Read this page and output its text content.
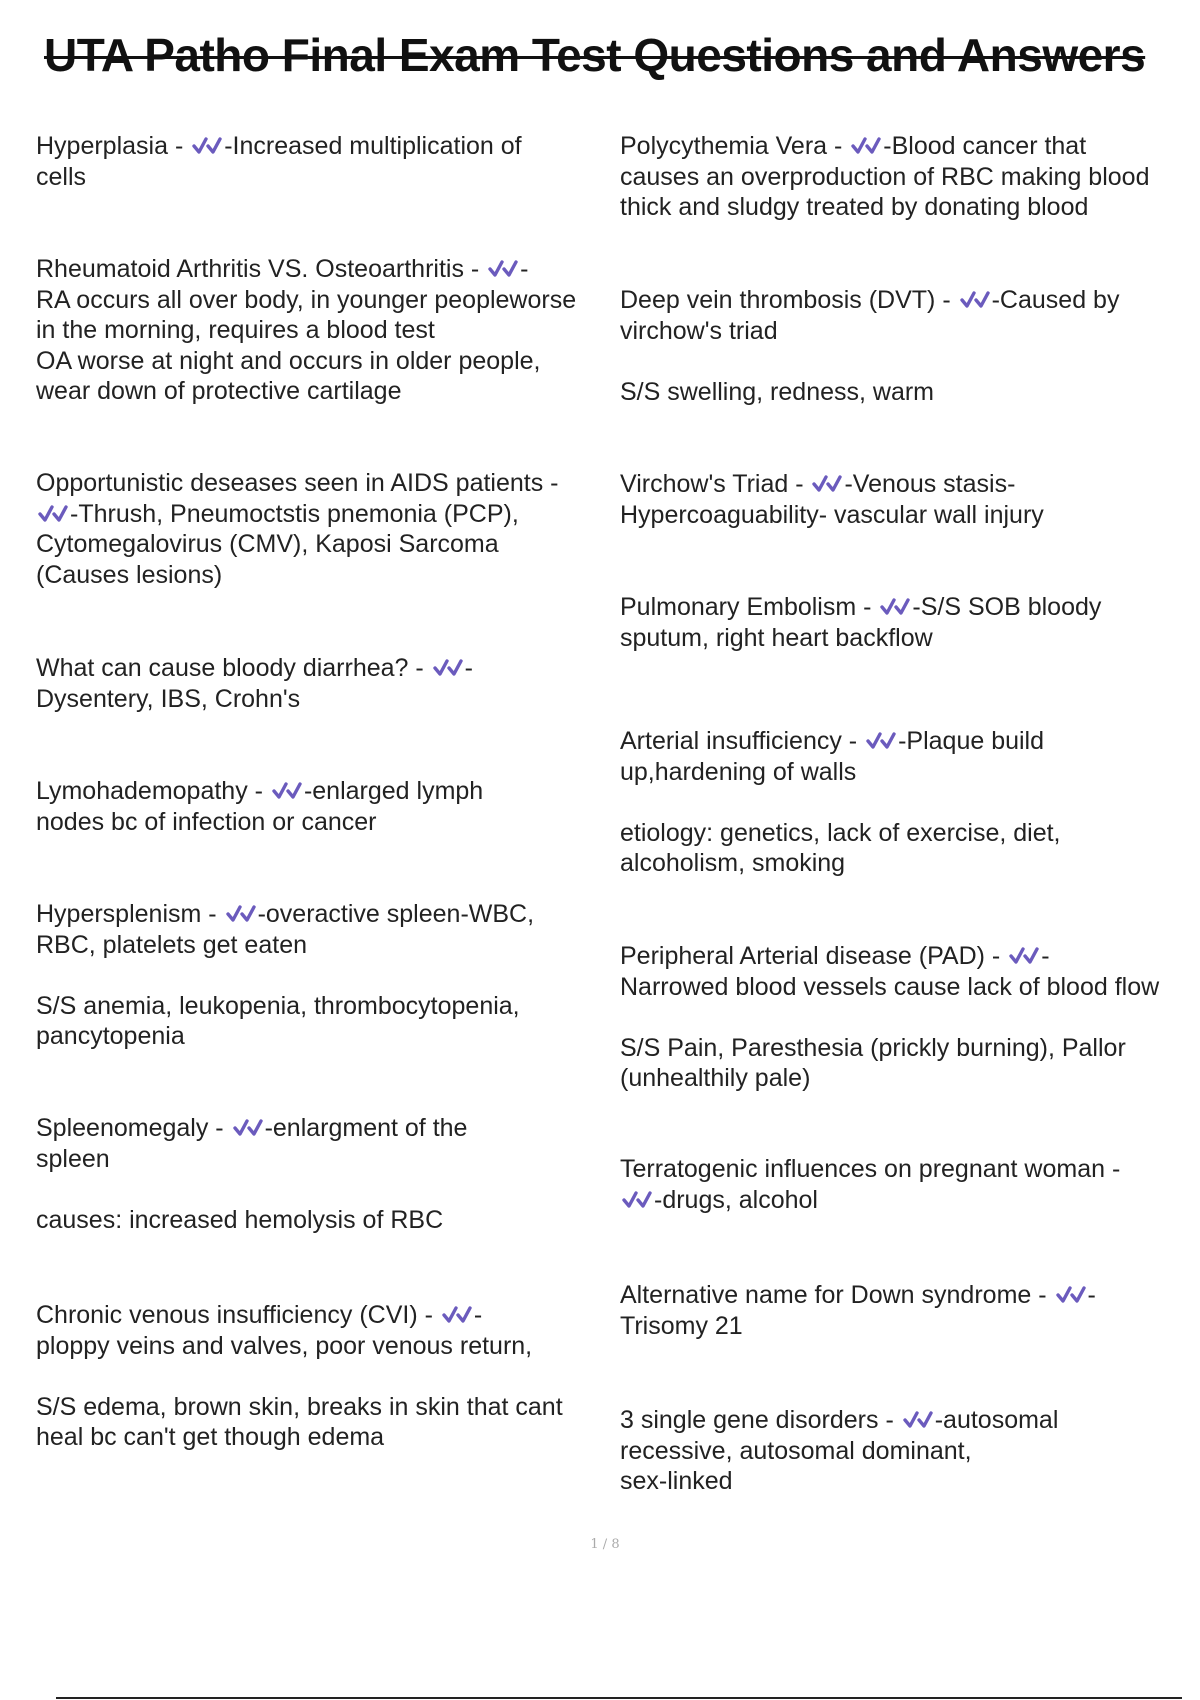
UTA Patho Final Exam Test Questions and Answers

Hyperplasia - -Increased multiplication of

cells

Rheumatoid Arthritis VS. Osteoarthritis - -

RA occurs all over body, in younger peopleworse

in the morning, requires a blood test

OA worse at night and occurs in older people,

wear down of protective cartilage

Opportunistic deseases seen in AIDS patients -

-Thrush, Pneumoctstis pnemonia (PCP),

Cytomegalovirus (CMV), Kaposi Sarcoma

(Causes lesions)

What can cause bloody diarrhea? - -

Dysentery, IBS, Crohn's

Lymohademopathy - -enlarged lymph

nodes bc of infection or cancer

Hypersplenism - -overactive spleen-WBC,

RBC, platelets get eaten

S/S anemia, leukopenia, thrombocytopenia,

pancytopenia

Spleenomegaly - -enlargment of the

spleen

causes: increased hemolysis of RBC

Chronic venous insufficiency (CVI) - -

ploppy veins and valves, poor venous return,

S/S edema, brown skin, breaks in skin that cant

heal bc can't get though edema

Polycythemia Vera - -Blood cancer that

causes an overproduction of RBC making blood

thick and sludgy treated by donating blood

Deep vein thrombosis (DVT) - -Caused by

virchow's triad

S/S swelling, redness, warm

Virchow's Triad - -Venous stasis-

Hypercoaguability- vascular wall injury

Pulmonary Embolism - -S/S SOB bloody

sputum, right heart backflow

Arterial insufficiency - -Plaque build

up,hardening of walls

etiology: genetics, lack of exercise, diet,

alcoholism, smoking

Peripheral Arterial disease (PAD) - -

Narrowed blood vessels cause lack of blood flow

S/S Pain, Paresthesia (prickly burning), Pallor

(unhealthily pale)

Terratogenic influences on pregnant woman -

-drugs, alcohol

Alternative name for Down syndrome - -

Trisomy 21

3 single gene disorders - -autosomal

recessive, autosomal dominant,

sex-linked

1 / 8
